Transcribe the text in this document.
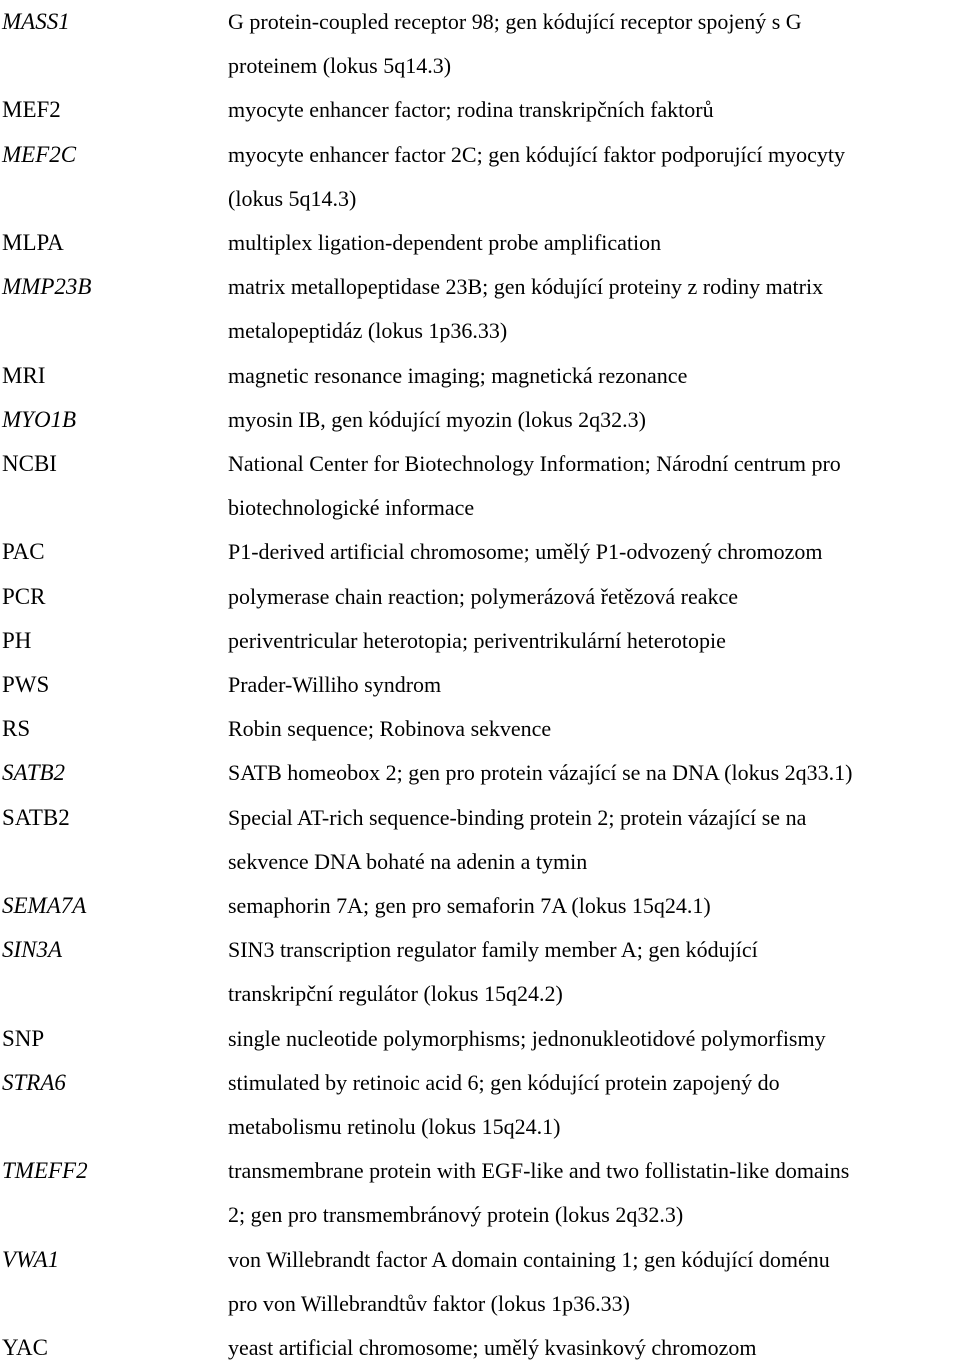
MASS1	G protein-coupled receptor 98; gen kódující receptor spojený s G
proteinem (lokus 5q14.3)
MEF2	myocyte enhancer factor; rodina transkripčních faktorů
MEF2C	myocyte enhancer factor 2C; gen kódující faktor podporující myocyty
(lokus 5q14.3)
MLPA	multiplex ligation-dependent probe amplification
MMP23B	matrix metallopeptidase 23B; gen kódující proteiny z rodiny matrix
metalopeptidáz (lokus 1p36.33)
MRI	magnetic resonance imaging; magnetická rezonance
MYO1B	myosin IB, gen kódující myozin (lokus 2q32.3)
NCBI	National Center for Biotechnology Information; Národní centrum pro
biotechnologické informace
PAC	P1-derived artificial chromosome; umělý P1-odvozený chromozom
PCR	polymerase chain reaction; polymerázová řetězová reakce
PH	periventricular heterotopia; periventrikulární heterotopie
PWS	Prader-Williho syndrom
RS	Robin sequence; Robinova sekvence
SATB2	SATB homeobox 2; gen pro protein vázající se na DNA (lokus 2q33.1)
SATB2	Special AT-rich sequence-binding protein 2; protein vázající se na
sekvence DNA bohaté na adenin a tymin
SEMA7A	semaphorin 7A; gen pro semaforin 7A (lokus 15q24.1)
SIN3A	SIN3 transcription regulator family member A; gen kódující
transkripční regulátor (lokus 15q24.2)
SNP	single nucleotide polymorphisms; jednonukleotidové polymorfismy
STRA6	stimulated by retinoic acid 6; gen kódující protein zapojený do
metabolismu retinolu (lokus 15q24.1)
TMEFF2	transmembrane protein with EGF-like and two follistatin-like domains
2; gen pro transmembránový protein (lokus 2q32.3)
VWA1	von Willebrandt factor A domain containing 1; gen kódující doménu
pro von Willebrandtův faktor (lokus 1p36.33)
YAC	yeast artificial chromosome; umělý kvasinkový chromozom
